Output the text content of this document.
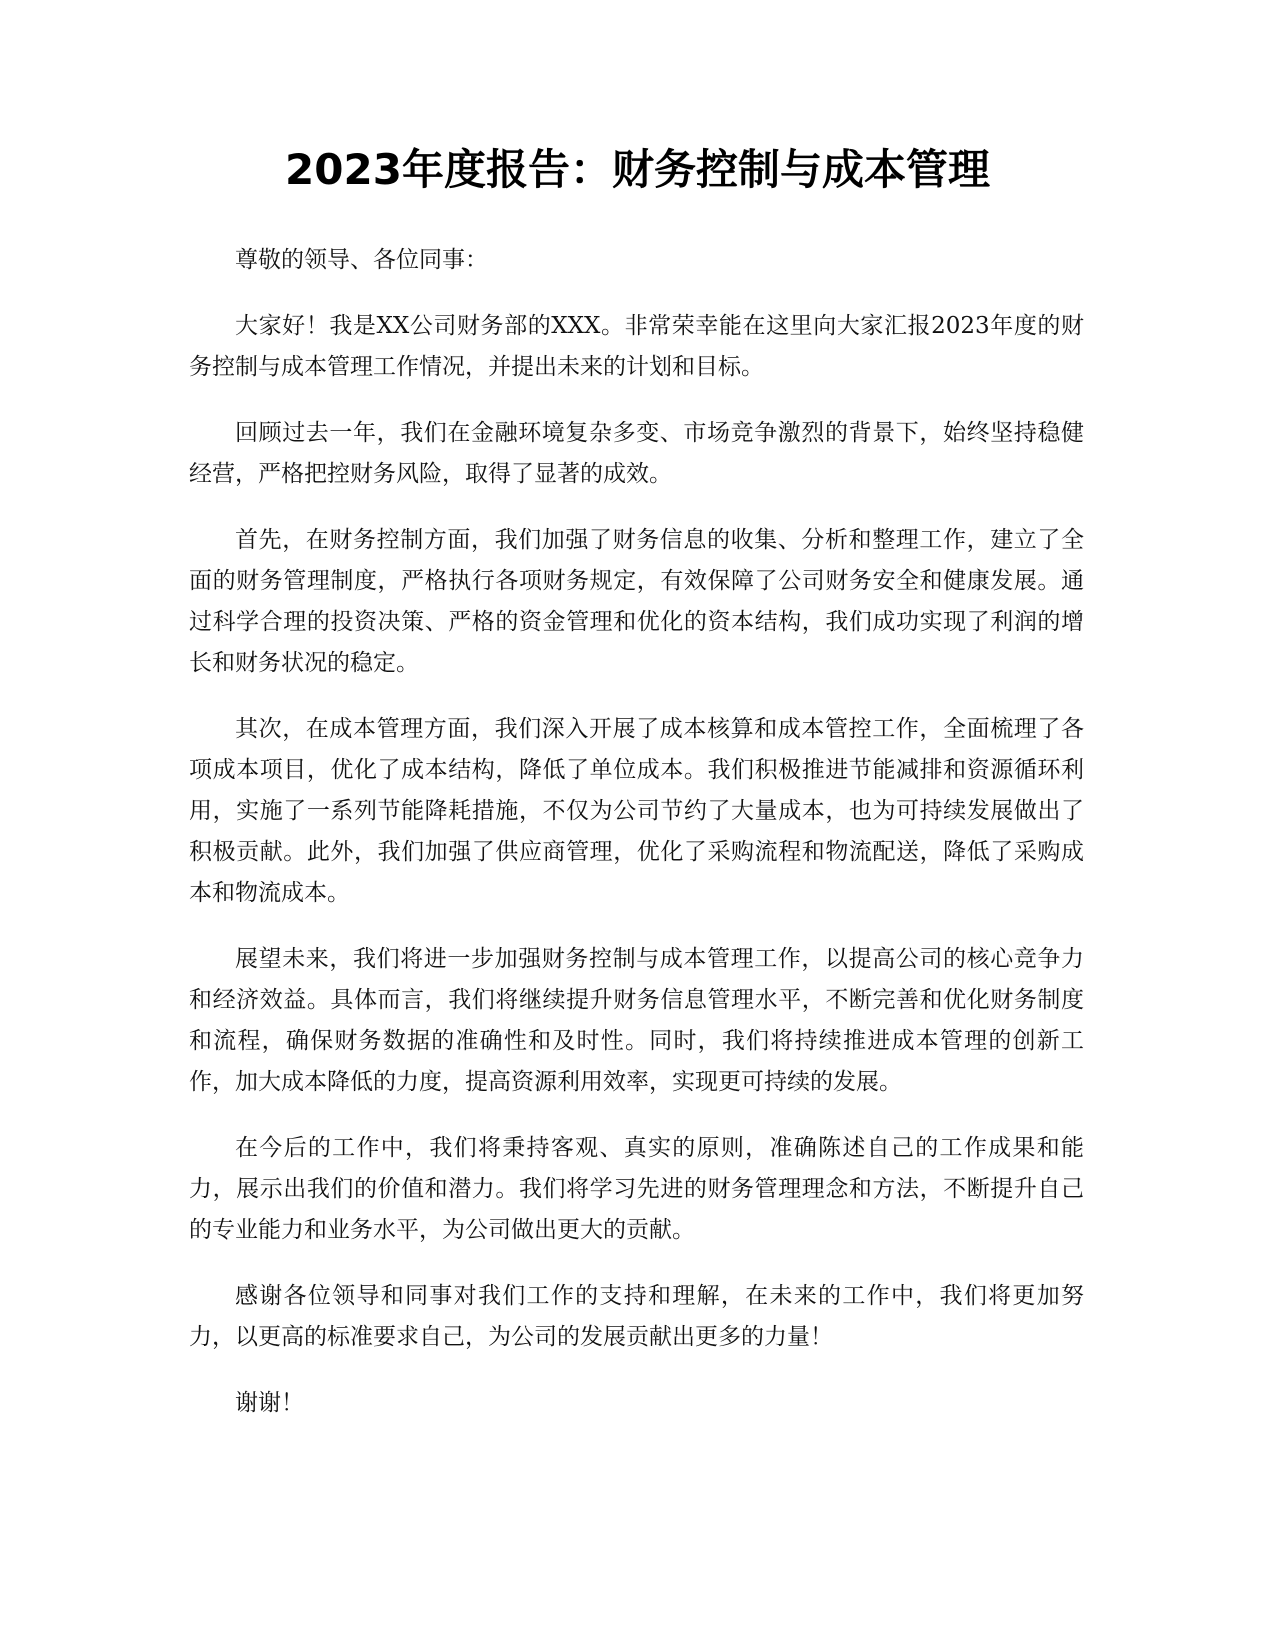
2023年度报告：财务控制与成本管理

尊敬的领导、各位同事：

大家好！我是XX公司财务部的XXX。非常荣幸能在这里向大家汇报2023年度的财务控制与成本管理工作情况，并提出未来的计划和目标。

回顾过去一年，我们在金融环境复杂多变、市场竞争激烈的背景下，始终坚持稳健经营，严格把控财务风险，取得了显著的成效。

首先，在财务控制方面，我们加强了财务信息的收集、分析和整理工作，建立了全面的财务管理制度，严格执行各项财务规定，有效保障了公司财务安全和健康发展。通过科学合理的投资决策、严格的资金管理和优化的资本结构，我们成功实现了利润的增长和财务状况的稳定。

其次，在成本管理方面，我们深入开展了成本核算和成本管控工作，全面梳理了各项成本项目，优化了成本结构，降低了单位成本。我们积极推进节能减排和资源循环利用，实施了一系列节能降耗措施，不仅为公司节约了大量成本，也为可持续发展做出了积极贡献。此外，我们加强了供应商管理，优化了采购流程和物流配送，降低了采购成本和物流成本。

展望未来，我们将进一步加强财务控制与成本管理工作，以提高公司的核心竞争力和经济效益。具体而言，我们将继续提升财务信息管理水平，不断完善和优化财务制度和流程，确保财务数据的准确性和及时性。同时，我们将持续推进成本管理的创新工作，加大成本降低的力度，提高资源利用效率，实现更可持续的发展。

在今后的工作中，我们将秉持客观、真实的原则，准确陈述自己的工作成果和能力，展示出我们的价值和潜力。我们将学习先进的财务管理理念和方法，不断提升自己的专业能力和业务水平，为公司做出更大的贡献。

感谢各位领导和同事对我们工作的支持和理解，在未来的工作中，我们将更加努力，以更高的标准要求自己，为公司的发展贡献出更多的力量！

谢谢！
